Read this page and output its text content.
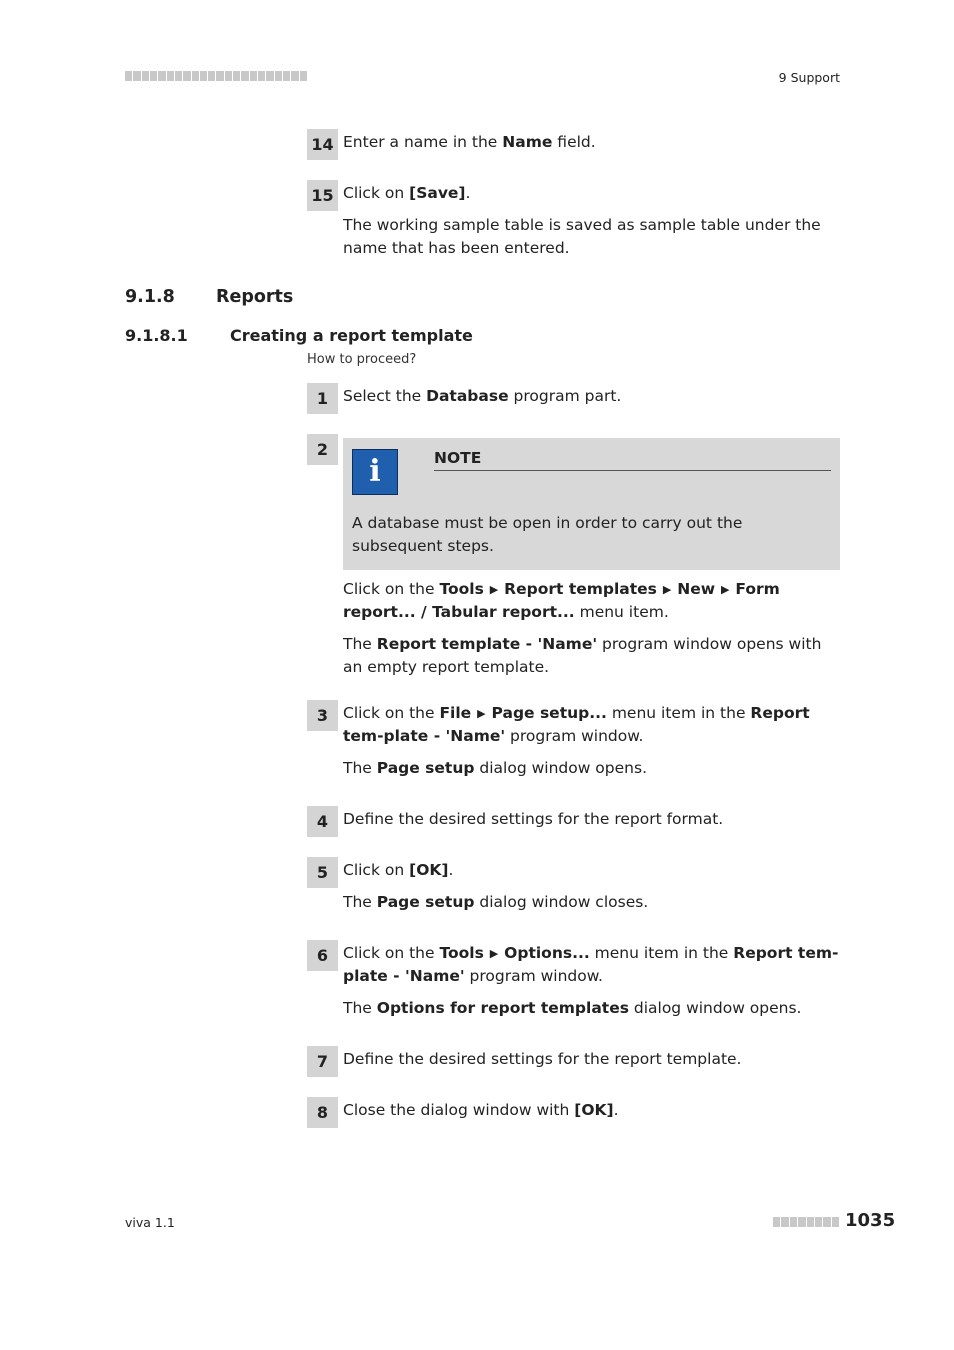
9 Support
14 Enter a name in the Name field.

15 Click on [Save].

The working sample table is saved as sample table under the name that has been entered.

9.1.8 Reports
9.1.8.1	Creating a report template
How to proceed?
1 Select the Database program part.

2
i	NOTE
A database must be open in order to carry out the subsequent steps.

Click on the Tools ▶ Report templates ▶ New ▶ Form report... / Tabular report... menu item.

The Report template - 'Name' program window opens with an empty report template.

3 Click on the File ▶ Page setup... menu item in the Report tem-plate - 'Name' program window.

The Page setup dialog window opens.

4 Define the desired settings for the report format.

5 Click on [OK].

The Page setup dialog window closes.

6 Click on the Tools ▶ Options... menu item in the Report tem-plate - 'Name' program window.

The Options for report templates dialog window opens.

7 Define the desired settings for the report template.

8 Close the dialog window with [OK].

viva 1.1	1035
